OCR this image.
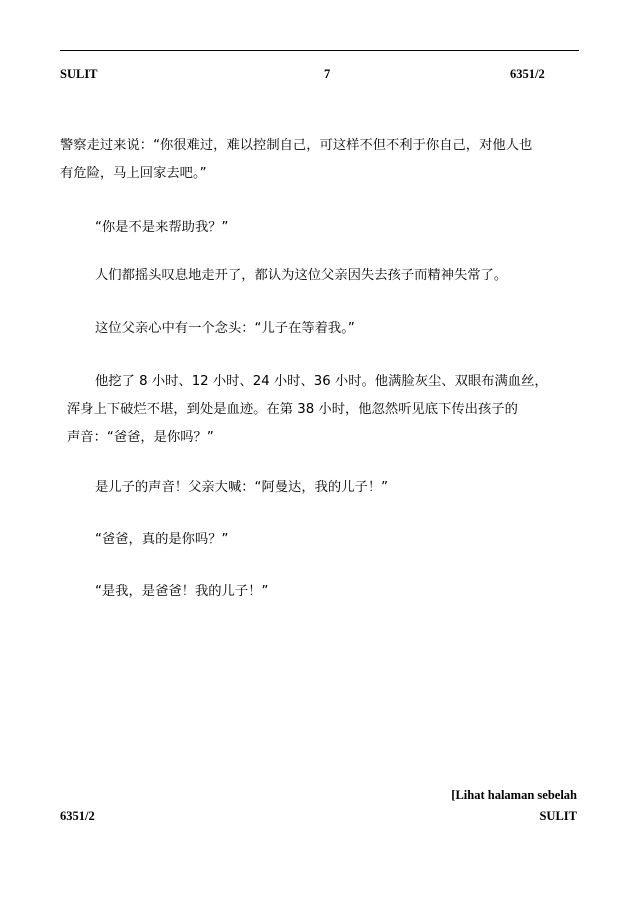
SULIT	7	6351/2
警察走过来说：“你很难过，难以控制自己，可这样不但不利于你自己，对他人也
有危险，马上回家去吧。”
“你是不是来帮助我？”
人们都摇头叹息地走开了，都认为这位父亲因失去孩子而精神失常了。
这位父亲心中有一个念头：“儿子在等着我。”
他挖了 8 小时、12 小时、24 小时、36 小时。他满脸灰尘、双眼布满血丝，
浑身上下破烂不堪，到处是血迹。在第 38 小时，他忽然听见底下传出孩子的
声音：“爸爸，是你吗？”
是儿子的声音！父亲大喊：“阿曼达，我的儿子！”
“爸爸，真的是你吗？”
“是我，是爸爸！我的儿子！”
[Lihat halaman sebelah
6351/2	SULIT
